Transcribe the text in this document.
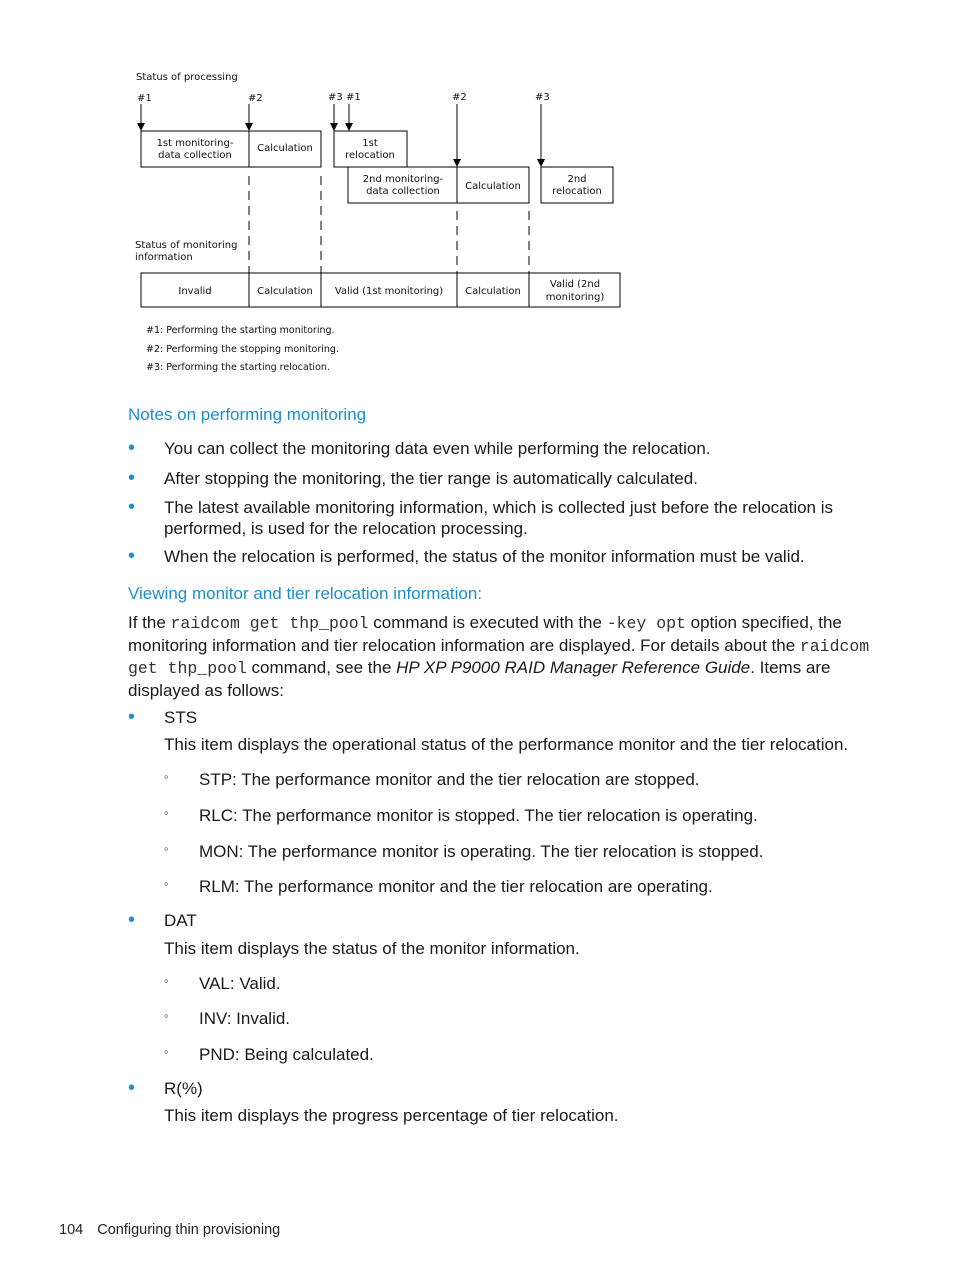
Status of processing
#1	#2	#3 #1	#2	#3
1st monitoring-
data collection
Calculation	1st
relocation
2nd monitoring-
data collection	Calculation
2nd
relocation
Status of monitoring
information
Invalid	Calculation Valid (1st monitoring) Calculation
Valid (2nd
monitoring)
#1: Performing the starting monitoring.
#2: Performing the stopping monitoring.
#3: Performing the starting relocation.
Notes on performing monitoring
• You can collect the monitoring data even while performing the relocation.
• After stopping the monitoring, the tier range is automatically calculated.
• The latest available monitoring information, which is collected just before the relocation is performed, is used for the relocation processing.
• When the relocation is performed, the status of the monitor information must be valid.
Viewing monitor and tier relocation information:

If the raidcom get thp_pool command is executed with the -key opt option specified, the monitoring information and tier relocation information are displayed. For details about the raidcom get thp_pool command, see the HP XP P9000 RAID Manager Reference Guide. Items are displayed as follows:

• STS
This item displays the operational status of the performance monitor and the tier relocation.
◦ STP: The performance monitor and the tier relocation are stopped.
◦ RLC: The performance monitor is stopped. The tier relocation is operating.
◦ MON: The performance monitor is operating. The tier relocation is stopped.
◦ RLM: The performance monitor and the tier relocation are operating.
• DAT
This item displays the status of the monitor information.
◦ VAL: Valid.
◦ INV: Invalid.
◦ PND: Being calculated.
• R(%)
This item displays the progress percentage of tier relocation.
104 Configuring thin provisioning
